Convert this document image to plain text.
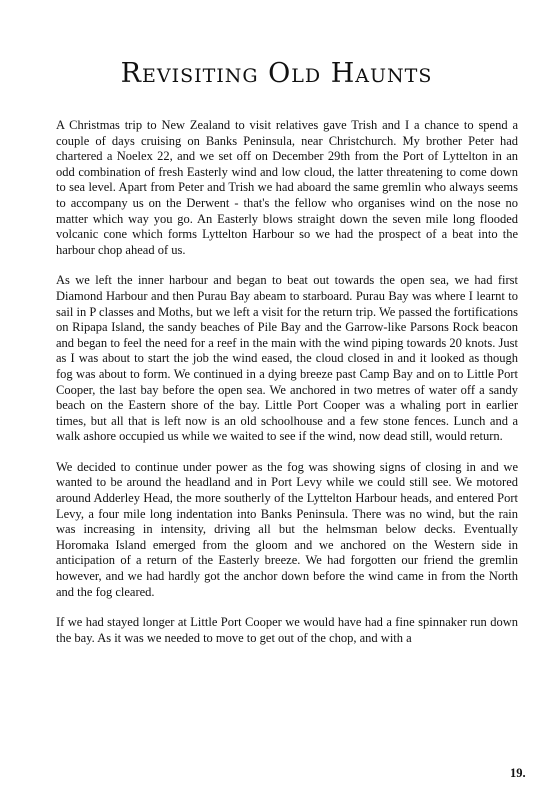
Revisiting Old Haunts

A Christmas trip to New Zealand to visit relatives gave Trish and I a chance to spend a couple of days cruising on Banks Peninsula, near Christchurch. My brother Peter had chartered a Noelex 22, and we set off on December 29th from the Port of Lyttelton in an odd combination of fresh Easterly wind and low cloud, the latter threatening to come down to sea level. Apart from Peter and Trish we had aboard the same gremlin who always seems to accompany us on the Derwent - that's the fellow who organises wind on the nose no matter which way you go. An Easterly blows straight down the seven mile long flooded volcanic cone which forms Lyttelton Harbour so we had the prospect of a beat into the harbour chop ahead of us.

As we left the inner harbour and began to beat out towards the open sea, we had first Diamond Harbour and then Purau Bay abeam to starboard. Purau Bay was where I learnt to sail in P classes and Moths, but we left a visit for the return trip. We passed the fortifications on Ripapa Island, the sandy beaches of Pile Bay and the Garrow-like Parsons Rock beacon and began to feel the need for a reef in the main with the wind piping towards 20 knots. Just as I was about to start the job the wind eased, the cloud closed in and it looked as though fog was about to form. We continued in a dying breeze past Camp Bay and on to Little Port Cooper, the last bay before the open sea. We anchored in two metres of water off a sandy beach on the Eastern shore of the bay. Little Port Cooper was a whaling port in earlier times, but all that is left now is an old schoolhouse and a few stone fences. Lunch and a walk ashore occupied us while we waited to see if the wind, now dead still, would return.

We decided to continue under power as the fog was showing signs of closing in and we wanted to be around the headland and in Port Levy while we could still see. We motored around Adderley Head, the more southerly of the Lyttelton Harbour heads, and entered Port Levy, a four mile long indentation into Banks Peninsula. There was no wind, but the rain was increasing in intensity, driving all but the helmsman below decks. Eventually Horomaka Island emerged from the gloom and we anchored on the Western side in anticipation of a return of the Easterly breeze. We had forgotten our friend the gremlin however, and we had hardly got the anchor down before the wind came in from the North and the fog cleared.

If we had stayed longer at Little Port Cooper we would have had a fine spinnaker run down the bay. As it was we needed to move to get out of the chop, and with a

19.
